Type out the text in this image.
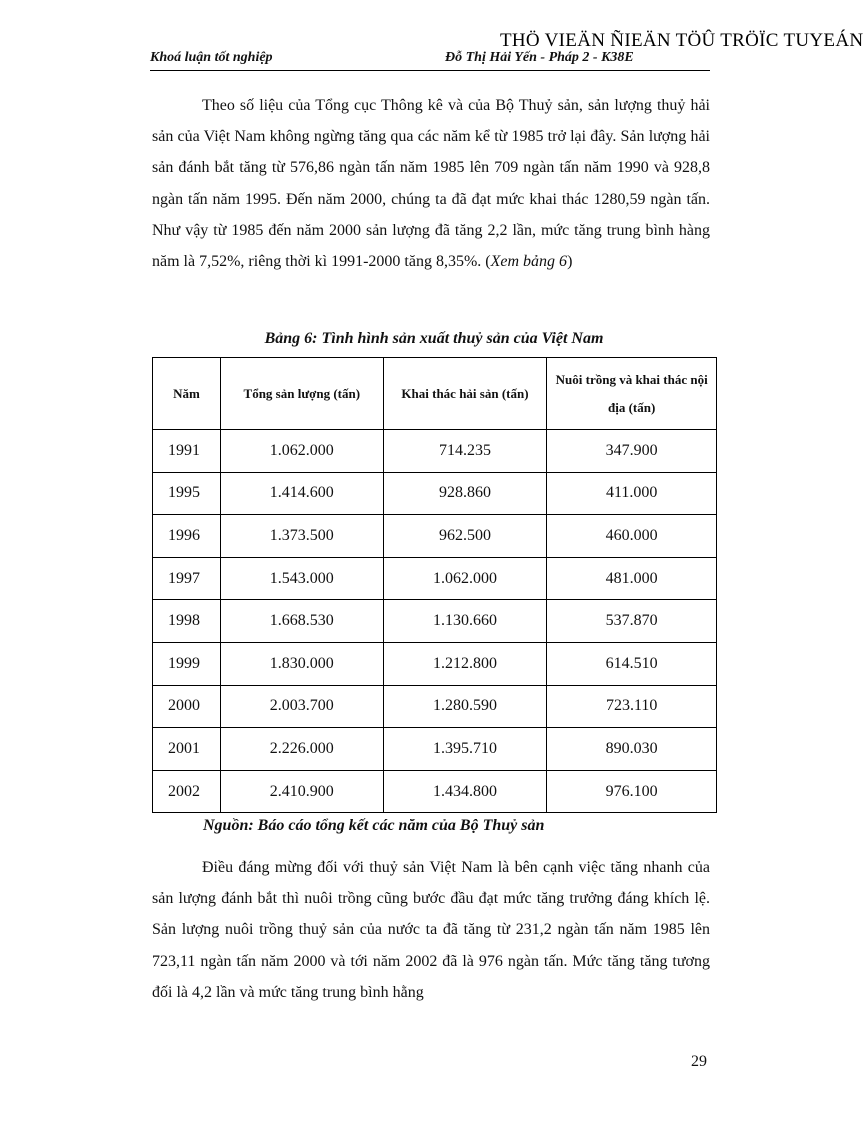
THÖ VIEÄN ÑIEÄN TÖÛ TRÖÏC TUYEÁN
Khoá luận tốt nghiệp	Đỗ Thị Hải Yến - Pháp 2 - K38E

Theo số liệu của Tổng cục Thông kê và của Bộ Thuỷ sản, sản lượng thuỷ hải sản của Việt Nam không ngừng tăng qua các năm kể từ 1985 trở lại đây. Sản lượng hải sản đánh bắt tăng từ 576,86 ngàn tấn năm 1985 lên 709 ngàn tấn năm 1990 và 928,8 ngàn tấn năm 1995. Đến năm 2000, chúng ta đã đạt mức khai thác 1280,59 ngàn tấn. Như vậy từ 1985 đến năm 2000 sản lượng đã tăng 2,2 lần, mức tăng trung bình hàng năm là 7,52%, riêng thời kì 1991-2000 tăng 8,35%. (Xem bảng 6)

Bảng 6: Tình hình sản xuất thuỷ sản của Việt Nam
Năm	Tổng sản lượng (tấn)	Khai thác hải sản (tấn)	Nuôi trồng và khai thác nội địa (tấn)
1991	1.062.000	714.235	347.900
1995	1.414.600	928.860	411.000
1996	1.373.500	962.500	460.000
1997	1.543.000	1.062.000	481.000
1998	1.668.530	1.130.660	537.870
1999	1.830.000	1.212.800	614.510
2000	2.003.700	1.280.590	723.110
2001	2.226.000	1.395.710	890.030
2002	2.410.900	1.434.800	976.100
Nguồn: Báo cáo tổng kết các năm của Bộ Thuỷ sản

Điều đáng mừng đối với thuỷ sản Việt Nam là bên cạnh việc tăng nhanh của sản lượng đánh bắt thì nuôi trồng cũng bước đầu đạt mức tăng trưởng đáng khích lệ. Sản lượng nuôi trồng thuỷ sản của nước ta đã tăng từ 231,2 ngàn tấn năm 1985 lên 723,11 ngàn tấn năm 2000 và tới năm 2002 đã là 976 ngàn tấn. Mức tăng tăng tương đối là 4,2 lần và mức tăng trung bình hằng

29
